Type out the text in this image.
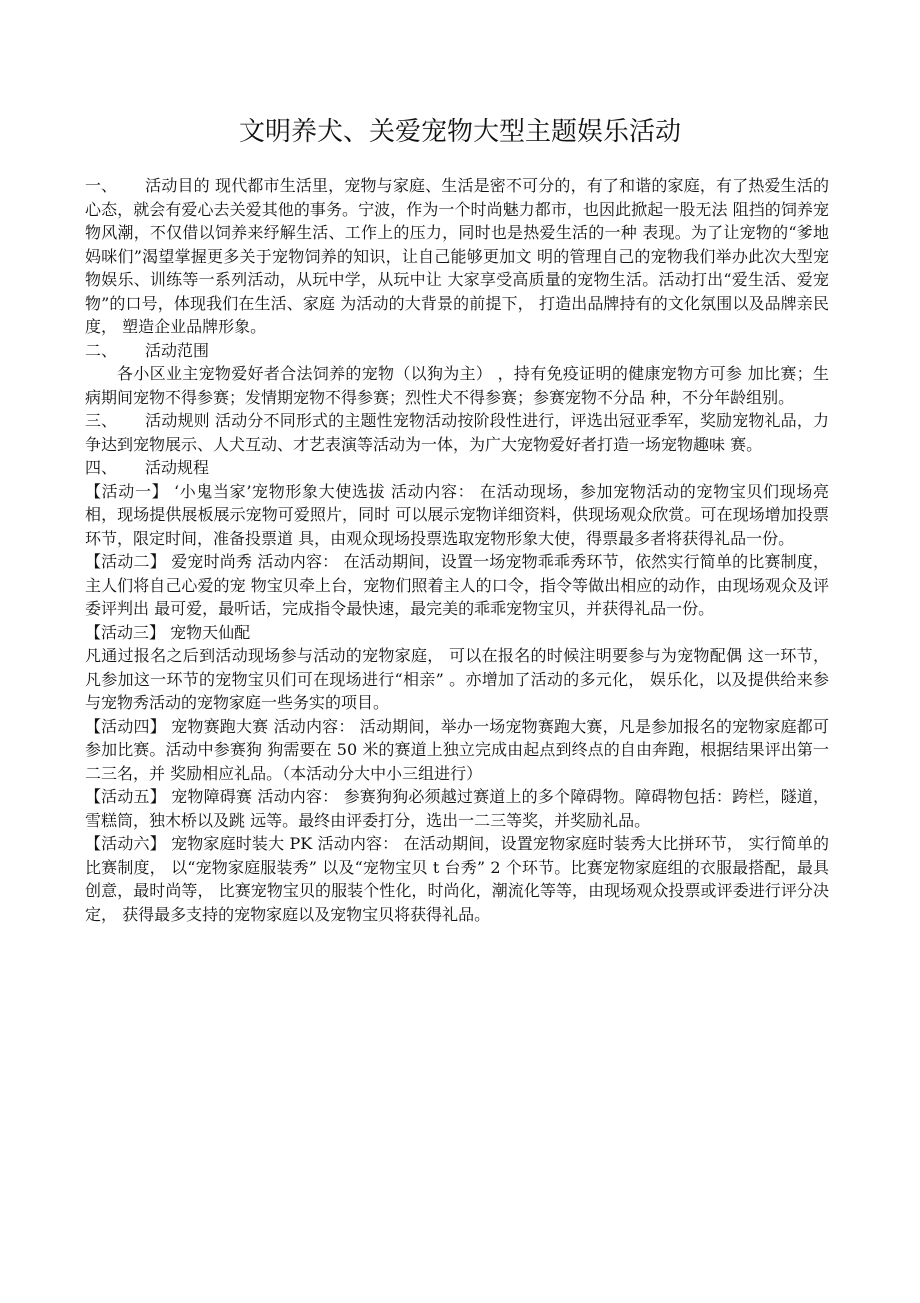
文明养犬、关爱宠物大型主题娱乐活动

一、 活动目的 现代都市生活里，宠物与家庭、生活是密不可分的，有了和谐的家庭，有了热爱生活的 心态，就会有爱心去关爱其他的事务。宁波，作为一个时尚魅力都市，也因此掀起一股无法 阻挡的饲养宠物风潮，不仅借以饲养来纾解生活、工作上的压力，同时也是热爱生活的一种 表现。为了让宠物的“爹地妈咪们”渴望掌握更多关于宠物饲养的知识，让自己能够更加文 明的管理自己的宠物我们举办此次大型宠物娱乐、训练等一系列活动，从玩中学，从玩中让 大家享受高质量的宠物生活。活动打出“爱生活、爱宠物”的口号，体现我们在生活、家庭 为活动的大背景的前提下， 打造出品牌持有的文化氛围以及品牌亲民度， 塑造企业品牌形象。

二、 活动范围

各小区业主宠物爱好者合法饲养的宠物（以狗为主） ，持有免疫证明的健康宠物方可参 加比赛；生病期间宠物不得参赛；发情期宠物不得参赛；烈性犬不得参赛；参赛宠物不分品 种，不分年龄组别。

三、 活动规则 活动分不同形式的主题性宠物活动按阶段性进行，评选出冠亚季军，奖励宠物礼品，力 争达到宠物展示、人犬互动、才艺表演等活动为一体，为广大宠物爱好者打造一场宠物趣味 赛。

四、 活动规程

【活动一】 ‘小鬼当家’宠物形象大使选拔 活动内容： 在活动现场，参加宠物活动的宠物宝贝们现场亮相，现场提供展板展示宠物可爱照片，同时 可以展示宠物详细资料，供现场观众欣赏。可在现场增加投票环节，限定时间，准备投票道 具，由观众现场投票选取宠物形象大使，得票最多者将获得礼品一份。

【活动二】 爱宠时尚秀 活动内容： 在活动期间，设置一场宠物乖乖秀环节，依然实行简单的比赛制度，主人们将自己心爱的宠 物宝贝牵上台，宠物们照着主人的口令，指令等做出相应的动作，由现场观众及评委评判出 最可爱，最听话，完成指令最快速，最完美的乖乖宠物宝贝，并获得礼品一份。

【活动三】 宠物天仙配

凡通过报名之后到活动现场参与活动的宠物家庭， 可以在报名的时候注明要参与为宠物配偶 这一环节，凡参加这一环节的宠物宝贝们可在现场进行“相亲” 。亦增加了活动的多元化， 娱乐化，以及提供给来参与宠物秀活动的宠物家庭一些务实的项目。

【活动四】 宠物赛跑大赛 活动内容： 活动期间，举办一场宠物赛跑大赛，凡是参加报名的宠物家庭都可参加比赛。活动中参赛狗 狗需要在 50 米的赛道上独立完成由起点到终点的自由奔跑，根据结果评出第一二三名，并 奖励相应礼品。（本活动分大中小三组进行）

【活动五】 宠物障碍赛 活动内容： 参赛狗狗必须越过赛道上的多个障碍物。障碍物包括：跨栏，隧道，雪糕筒，独木桥以及跳 远等。最终由评委打分，选出一二三等奖，并奖励礼品。

【活动六】 宠物家庭时装大 PK 活动内容： 在活动期间，设置宠物家庭时装秀大比拼环节， 实行简单的比赛制度， 以“宠物家庭服装秀” 以及“宠物宝贝 t 台秀” 2 个环节。比赛宠物家庭组的衣服最搭配，最具创意，最时尚等， 比赛宠物宝贝的服装个性化，时尚化，潮流化等等，由现场观众投票或评委进行评分决定， 获得最多支持的宠物家庭以及宠物宝贝将获得礼品。
